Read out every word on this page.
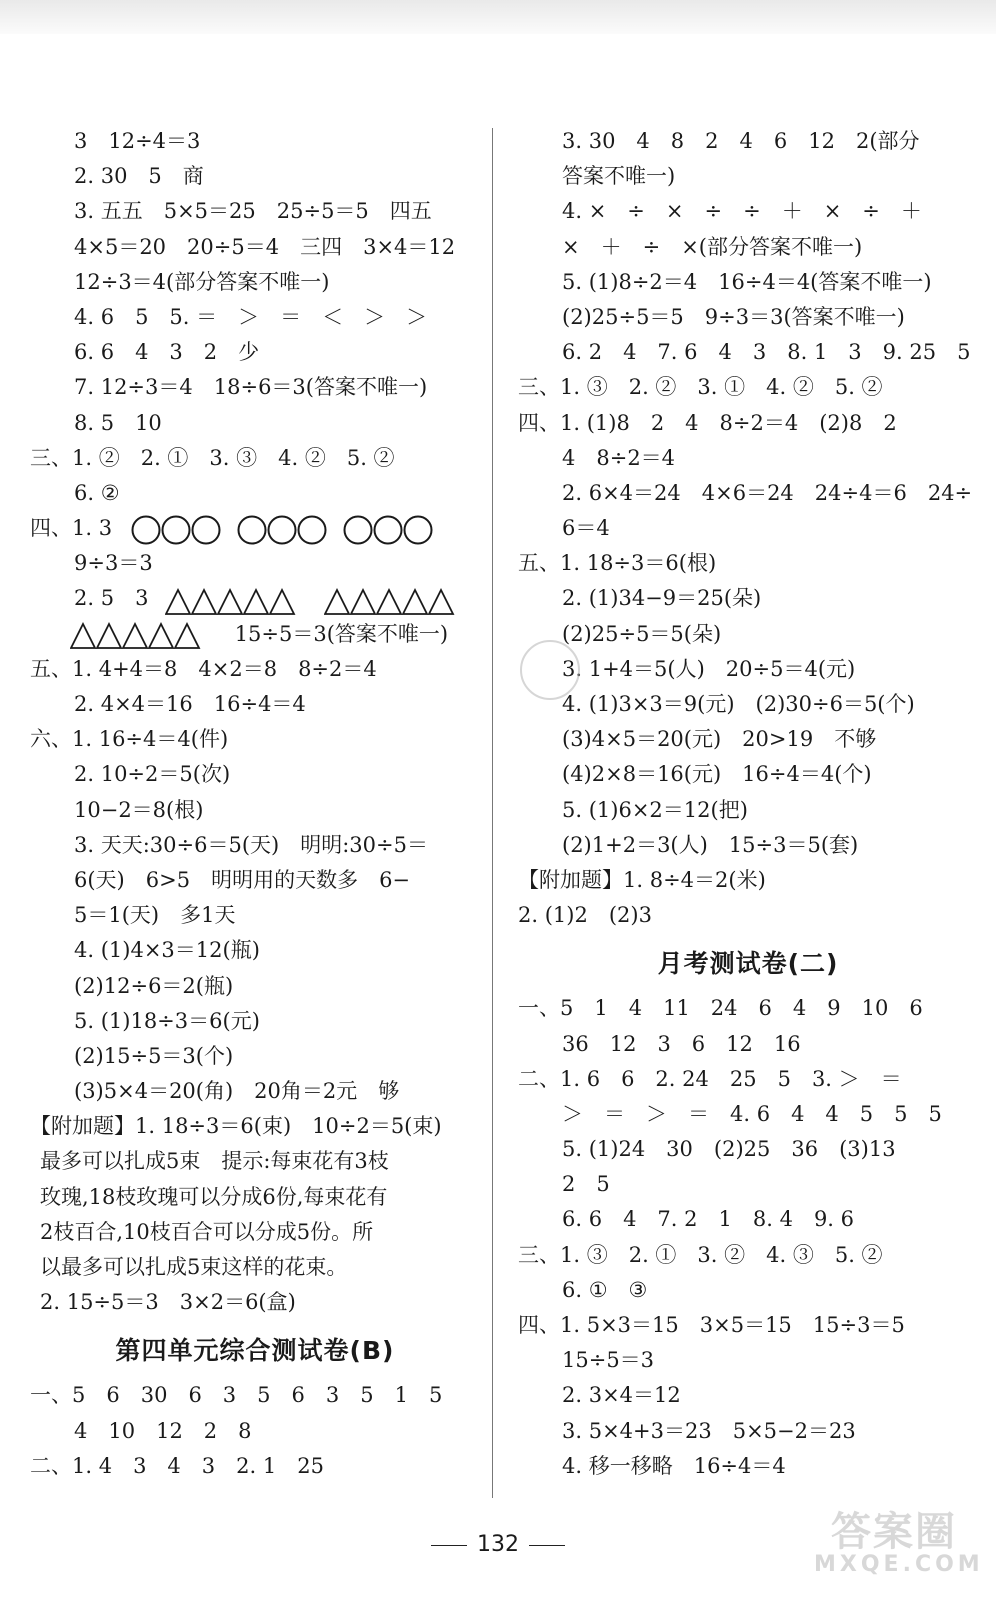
3　12÷4＝3
2. 30　5　商
3. 五五　5×5＝25　25÷5＝5　四五
4×5＝20　20÷5＝4　三四　3×4＝12
12÷3＝4(部分答案不唯一)
4. 6　5　5. ＝　＞　＝　＜　＞　＞
6. 6　4　3　2　少
7. 12÷3＝4　18÷6＝3(答案不唯一)
8. 5　10
三、1. ②　2. ①　3. ③　4. ②　5. ②
6. ②
四、1. 3
9÷3＝3
2. 5　3
15÷5＝3(答案不唯一)
五、1. 4+4＝8　4×2＝8　8÷2＝4
2. 4×4＝16　16÷4＝4
六、1. 16÷4＝4(件)
2. 10÷2＝5(次)
10−2＝8(根)
3. 天天:30÷6＝5(天)　明明:30÷5＝
6(天)　6>5　明明用的天数多　6−
5＝1(天)　多1天
4. (1)4×3＝12(瓶)
(2)12÷6＝2(瓶)
5. (1)18÷3＝6(元)
(2)15÷5＝3(个)
(3)5×4＝20(角)　20角＝2元　够
【附加题】1. 18÷3＝6(束)　10÷2＝5(束)
最多可以扎成5束　提示:每束花有3枝
玫瑰,18枝玫瑰可以分成6份,每束花有
2枝百合,10枝百合可以分成5份。所
以最多可以扎成5束这样的花束。
2. 15÷5＝3　3×2＝6(盒)
第四单元综合测试卷(B)
一、5　6　30　6　3　5　6　3　5　1　5
4　10　12　2　8
二、1. 4　3　4　3　2. 1　25
3. 30　4　8　2　4　6　12　2(部分
答案不唯一)
4. ×　÷　×　÷　÷　＋　×　÷　＋
×　＋　÷　×(部分答案不唯一)
5. (1)8÷2＝4　16÷4＝4(答案不唯一)
(2)25÷5＝5　9÷3＝3(答案不唯一)
6. 2　4　7. 6　4　3　8. 1　3　9. 25　5
三、1. ③　2. ②　3. ①　4. ②　5. ②
四、1. (1)8　2　4　8÷2＝4　(2)8　2
4　8÷2＝4
2. 6×4＝24　4×6＝24　24÷4＝6　24÷
6＝4
五、1. 18÷3＝6(根)
2. (1)34−9＝25(朵)
(2)25÷5＝5(朵)
3. 1+4＝5(人)　20÷5＝4(元)
4. (1)3×3＝9(元)　(2)30÷6＝5(个)
(3)4×5＝20(元)　20>19　不够
(4)2×8＝16(元)　16÷4＝4(个)
5. (1)6×2＝12(把)
(2)1+2＝3(人)　15÷3＝5(套)
【附加题】1. 8÷4＝2(米)
2. (1)2　(2)3
月考测试卷(二)
一、5　1　4　11　24　6　4　9　10　6
36　12　3　6　12　16
二、1. 6　6　2. 24　25　5　3. ＞　＝
＞　＝　＞　＝　4. 6　4　4　5　5　5
5. (1)24　30　(2)25　36　(3)13
2　5
6. 6　4　7. 2　1　8. 4　9. 6
三、1. ③　2. ①　3. ②　4. ③　5. ②
6. ①　③
四、1. 5×3＝15　3×5＝15　15÷3＝5
15÷5＝3
2. 3×4＝12
3. 5×4+3＝23　5×5−2＝23
4. 移一移略　16÷4＝4
132	答案圈
MXQE.COM
